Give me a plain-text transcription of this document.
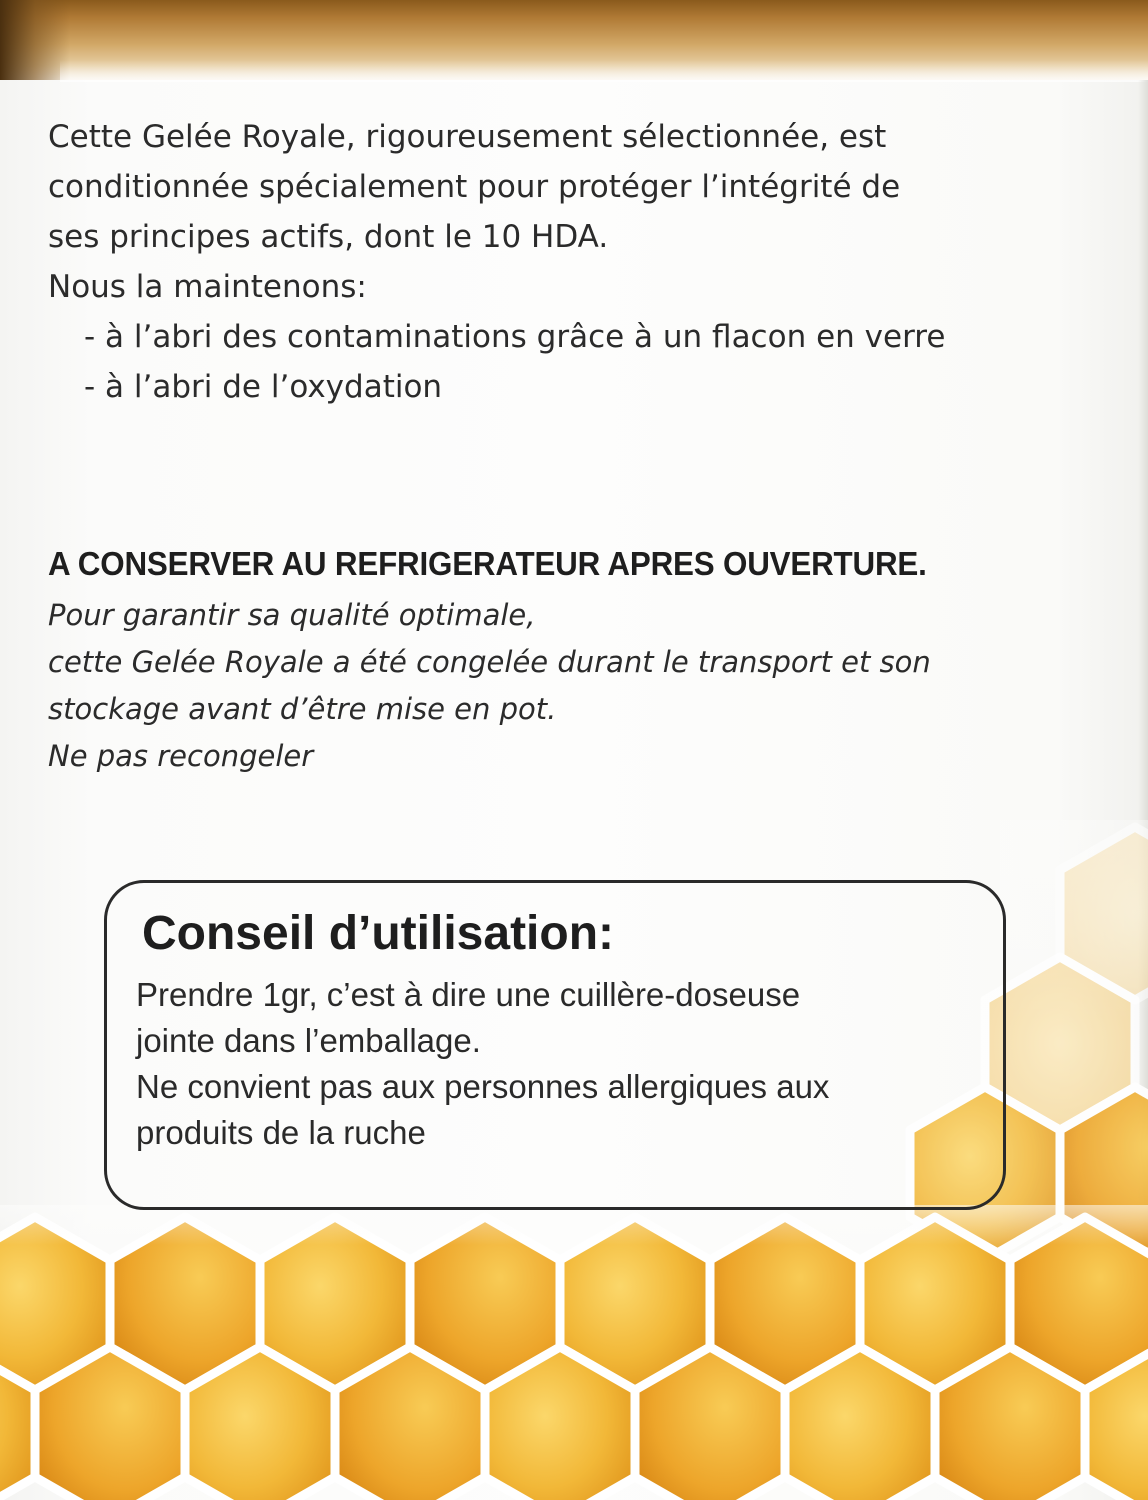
Cette Gelée Royale, rigoureusement sélectionnée, est
conditionnée spécialement pour protéger l’intégrité de
ses principes actifs, dont le 10 HDA.
Nous la maintenons:
- à l’abri des contaminations grâce à un flacon en verre
- à l’abri de l’oxydation

A CONSERVER AU REFRIGERATEUR APRES OUVERTURE.
Pour garantir sa qualité optimale,
cette Gelée Royale a été congelée durant le transport et son
stockage avant d’être mise en pot.
Ne pas recongeler
Conseil d’utilisation:
Prendre 1gr, c’est à dire une cuillère-doseuse
jointe dans l’emballage.
Ne convient pas aux personnes allergiques aux
produits de la ruche
